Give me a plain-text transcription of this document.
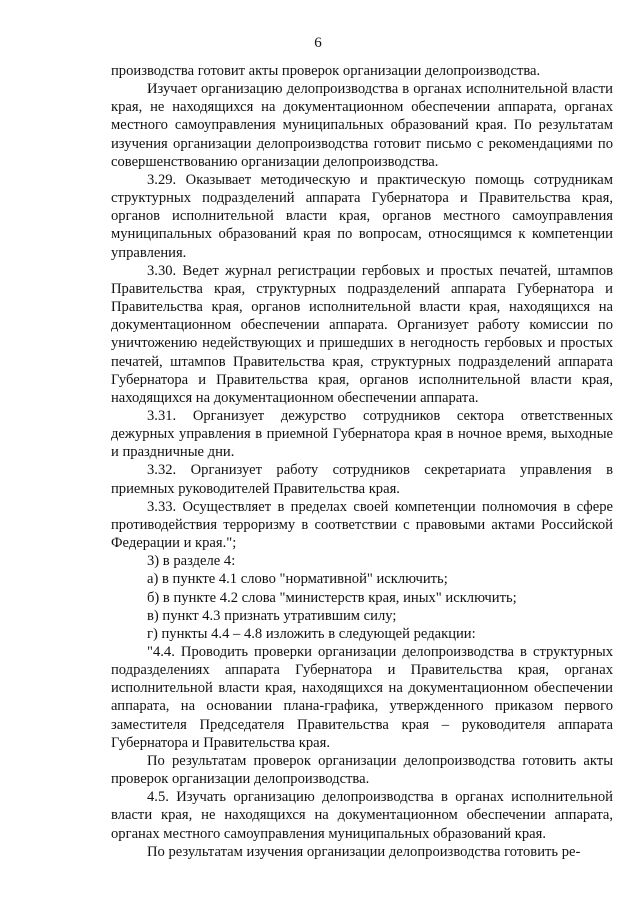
6

производства готовит акты проверок организации делопроизводства.

Изучает организацию делопроизводства в органах исполнительной власти края, не находящихся на документационном обеспечении аппарата, органах местного самоуправления муниципальных образований края. По результатам изучения организации делопроизводства готовит письмо с рекомендациями по совершенствованию организации делопроизводства.

3.29. Оказывает методическую и практическую помощь сотрудникам структурных подразделений аппарата Губернатора и Правительства края, органов исполнительной власти края, органов местного самоуправления муниципальных образований края по вопросам, относящимся к компетенции управления.

3.30. Ведет журнал регистрации гербовых и простых печатей, штампов Правительства края, структурных подразделений аппарата Губернатора и Правительства края, органов исполнительной власти края, находящихся на документационном обеспечении аппарата. Организует работу комиссии по уничтожению недействующих и пришедших в негодность гербовых и простых печатей, штампов Правительства края, структурных подразделений аппарата Губернатора и Правительства края, органов исполнительной власти края, находящихся на документационном обеспечении аппарата.

3.31. Организует дежурство сотрудников сектора ответственных дежурных управления в приемной Губернатора края в ночное время, выходные и праздничные дни.

3.32. Организует работу сотрудников секретариата управления в приемных руководителей Правительства края.

3.33. Осуществляет в пределах своей компетенции полномочия в сфере противодействия терроризму в соответствии с правовыми актами Российской Федерации и края.";

3) в разделе 4:

а) в пункте 4.1 слово "нормативной" исключить;

б) в пункте 4.2 слова "министерств края, иных" исключить;

в) пункт 4.3 признать утратившим силу;

г) пункты 4.4 – 4.8 изложить в следующей редакции:

"4.4. Проводить проверки организации делопроизводства в структурных подразделениях аппарата Губернатора и Правительства края, органах исполнительной власти края, находящихся на документационном обеспечении аппарата, на основании плана-графика, утвержденного приказом первого заместителя Председателя Правительства края – руководителя аппарата Губернатора и Правительства края.

По результатам проверок организации делопроизводства готовить акты проверок организации делопроизводства.

4.5. Изучать организацию делопроизводства в органах исполнительной власти края, не находящихся на документационном обеспечении аппарата, органах местного самоуправления муниципальных образований края.

По результатам изучения организации делопроизводства готовить ре-
